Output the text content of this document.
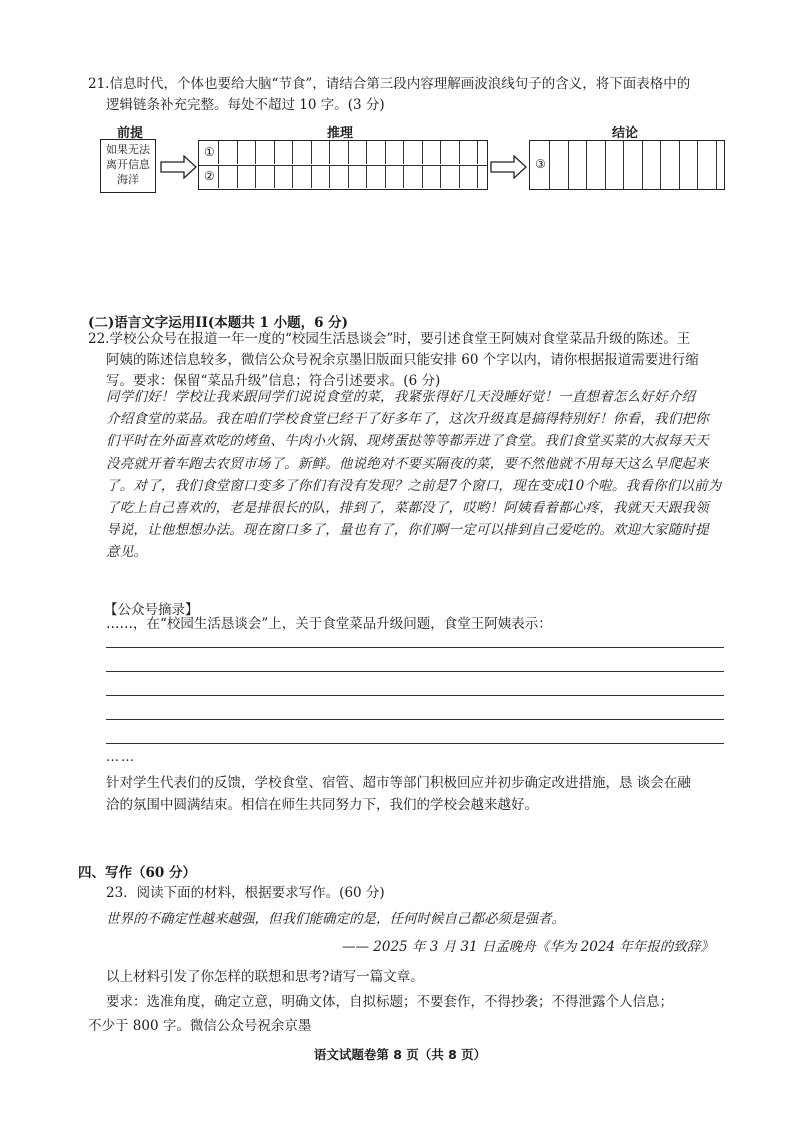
21.信息时代，个体也要给大脑“节食”，请结合第三段内容理解画波浪线句子的含义，将下面表格中的
逻辑链条补充完整。每处不超过 10 字。(3 分)
前提	推理	结论
如果无法
离开信息
海洋
①
②
③
(二)语言文字运用II(本题共 1 小题，6 分)
22.学校公众号在报道一年一度的“校园生活恳谈会”时，要引述食堂王阿姨对食堂菜品升级的陈述。王
阿姨的陈述信息较多，微信公众号祝余京墨旧版面只能安排 60 个字以内，请你根据报道需要进行缩
写。要求：保留“菜品升级”信息；符合引述要求。(6 分)

同学们好！学校让我来跟同学们说说食堂的菜，我紧张得好几天没睡好觉！一直想着怎么好好介绍

介绍食堂的菜品。我在咱们学校食堂已经干了好多年了，这次升级真是搞得特别好！你看，我们把你

们平时在外面喜欢吃的烤鱼、牛肉小火锅、现烤蛋挞等等都弄进了食堂。我们食堂买菜的大叔每天天

没亮就开着车跑去农贸市场了。新鲜。他说绝对不要买隔夜的菜，要不然他就不用每天这么早爬起来

了。对了，我们食堂窗口变多了你们有没有发现？之前是7个窗口，现在变成10个啦。我看你们以前为

了吃上自己喜欢的，老是排很长的队，排到了，菜都没了，哎哟！阿姨看着都心疼，我就天天跟我领

导说，让他想想办法。现在窗口多了，量也有了，你们啊一定可以排到自己爱吃的。欢迎大家随时提

意见。

【公众号摘录】
……，在“校园生活恳谈会”上，关于食堂菜品升级问题，食堂王阿姨表示：
……
针对学生代表们的反馈，学校食堂、宿管、超市等部门积极回应并初步确定改进措施，恳 谈会在融
洽的氛围中圆满结束。相信在师生共同努力下，我们的学校会越来越好。
四、写作（60 分）
23．阅读下面的材料，根据要求写作。(60 分)
世界的不确定性越来越强，但我们能确定的是，任何时候自己都必须是强者。
—— 2025 年 3 月 31 日孟晚舟《华为 2024 年年报的致辞》
以上材料引发了你怎样的联想和思考?请写一篇文章。
要求：选准角度，确定立意，明确文体，自拟标题；不要套作，不得抄袭；不得泄露个人信息；
不少于 800 字。微信公众号祝余京墨
语文试题卷第 8 页（共 8 页）
